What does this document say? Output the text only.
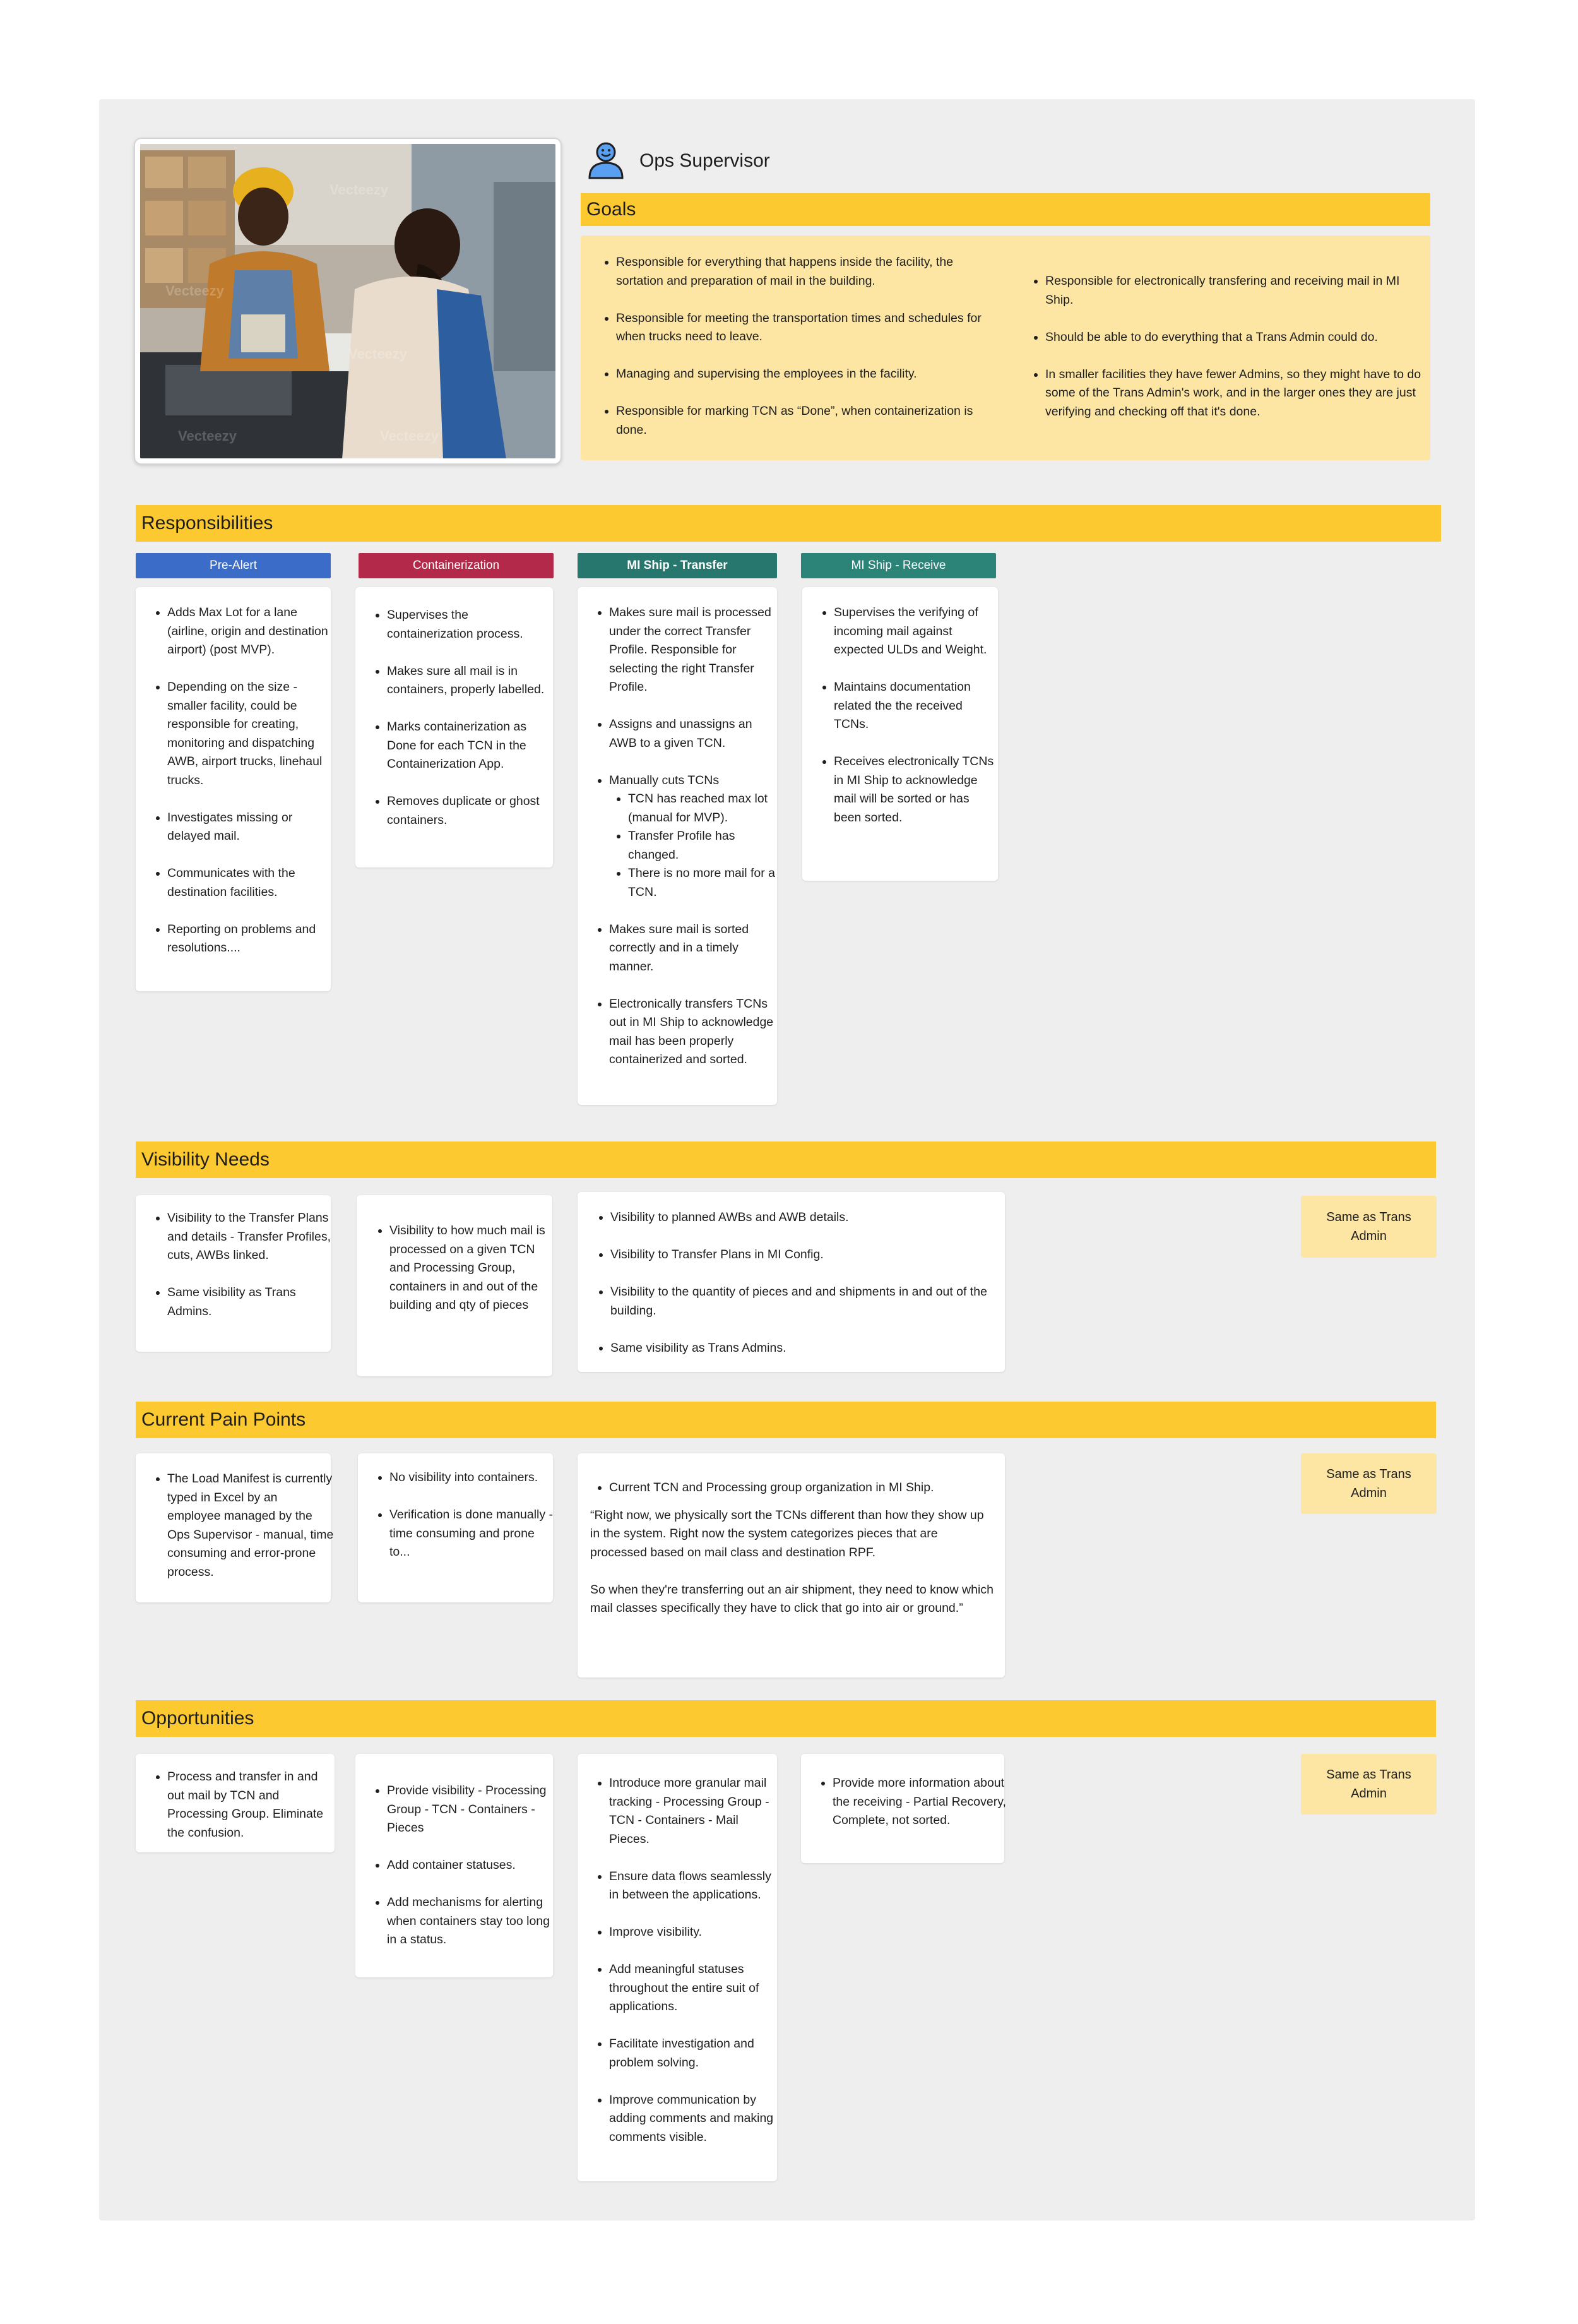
Vecteezy
Vecteezy
Vecteezy
Vecteezy	Vecteezy
Ops Supervisor
Goals
• Responsible for everything that happens inside the facility, the sortation and preparation of mail in the building.
• Responsible for meeting the transportation times and schedules for when trucks need to leave.
• Managing and supervising the employees in the facility.
• Responsible for marking TCN as “Done”, when containerization is done.
• Responsible for electronically transfering and receiving mail in MI Ship.
• Should be able to do everything that a Trans Admin could do.
• In smaller facilities they have fewer Admins, so they might have to do some of the Trans Admin's work, and in the larger ones they are just verifying and checking off that it's done.
Responsibilities
Pre-Alert	Containerization	MI Ship - Transfer	MI Ship - Receive
• Adds Max Lot for a lane (airline, origin and destination airport) (post MVP).
• Depending on the size - smaller facility, could be responsible for creating, monitoring and dispatching AWB, airport trucks, linehaul trucks.
• Investigates missing or delayed mail.
• Communicates with the destination facilities.
• Reporting on problems and resolutions....
• Supervises the containerization process.
• Makes sure all mail is in containers, properly labelled.
• Marks containerization as Done for each TCN in the Containerization App.
• Removes duplicate or ghost containers.
• Makes sure mail is processed under the correct Transfer Profile. Responsible for selecting the right Transfer Profile.
• Assigns and unassigns an AWB to a given TCN.
• Manually cuts TCNs
• TCN has reached max lot (manual for MVP).
• Transfer Profile has changed.
• There is no more mail for a TCN.
• Makes sure mail is sorted correctly and in a timely manner.
• Electronically transfers TCNs out in MI Ship to acknowledge mail has been properly containerized and sorted.
• Supervises the verifying of incoming mail against expected ULDs and Weight.
• Maintains documentation related the the received TCNs.
• Receives electronically TCNs in MI Ship to acknowledge mail will be sorted or has been sorted.
Visibility Needs
• Visibility to the Transfer Plans and details - Transfer Profiles, cuts, AWBs linked.
• Same visibility as Trans Admins.
• Visibility to how much mail is processed on a given TCN and Processing Group, containers in and out of the building and qty of pieces
• Visibility to planned AWBs and AWB details.
• Visibility to Transfer Plans in MI Config.
• Visibility to the quantity of pieces and and shipments in and out of the building.
• Same visibility as Trans Admins.
Same as Trans Admin
Current Pain Points
• The Load Manifest is currently typed in Excel by an employee managed by the Ops Supervisor - manual, time consuming and error-prone process.
• No visibility into containers.
• Verification is done manually - time consuming and prone to...
• Current TCN and Processing group organization in MI Ship.

“Right now, we physically sort the TCNs different than how they show up in the system. Right now the system categorizes pieces that are processed based on mail class and destination RPF.

So when they're transferring out an air shipment, they need to know which mail classes specifically they have to click that go into air or ground.”

Same as Trans Admin
Opportunities
• Process and transfer in and out mail by TCN and Processing Group. Eliminate the confusion.
• Provide visibility - Processing Group - TCN - Containers - Pieces
• Add container statuses.
• Add mechanisms for alerting when containers stay too long in a status.
• Introduce more granular mail tracking - Processing Group - TCN - Containers - Mail Pieces.
• Ensure data flows seamlessly in between the applications.
• Improve visibility.
• Add meaningful statuses throughout the entire suit of applications.
• Facilitate investigation and problem solving.
• Improve communication by adding comments and making comments visible.
• Provide more information about the receiving - Partial Recovery, Complete, not sorted.
Same as Trans Admin
